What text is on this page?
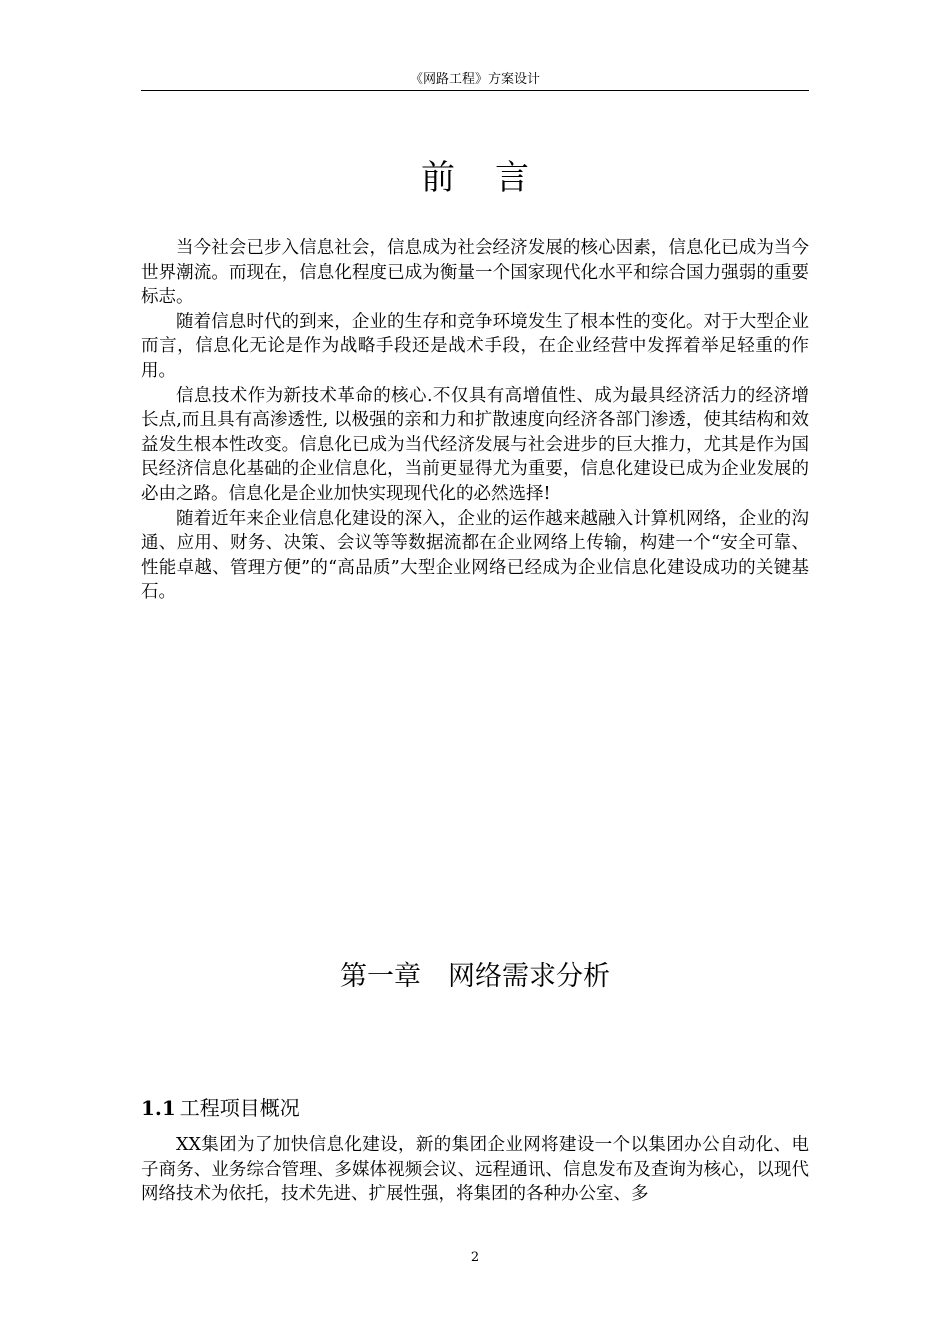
《网路工程》方案设计
前言

当今社会已步入信息社会，信息成为社会经济发展的核心因素，信息化已成为当今世界潮流。而现在，信息化程度已成为衡量一个国家现代化水平和综合国力强弱的重要标志。

随着信息时代的到来，企业的生存和竞争环境发生了根本性的变化。对于大型企业而言，信息化无论是作为战略手段还是战术手段，在企业经营中发挥着举足轻重的作用。

信息技术作为新技术革命的核心.不仅具有高增值性、成为最具经济活力的经济增长点,而且具有高渗透性, 以极强的亲和力和扩散速度向经济各部门渗透，使其结构和效益发生根本性改变。信息化已成为当代经济发展与社会进步的巨大推力，尤其是作为国民经济信息化基础的企业信息化，当前更显得尤为重要，信息化建设已成为企业发展的必由之路。信息化是企业加快实现现代化的必然选择!

随着近年来企业信息化建设的深入，企业的运作越来越融入计算机网络，企业的沟通、应用、财务、决策、会议等等数据流都在企业网络上传输，构建一个“安全可靠、性能卓越、管理方便”的“高品质”大型企业网络已经成为企业信息化建设成功的关键基石。

第一章　网络需求分析
1.1 工程项目概况

XX集团为了加快信息化建设，新的集团企业网将建设一个以集团办公自动化、电子商务、业务综合管理、多媒体视频会议、远程通讯、信息发布及查询为核心，以现代网络技术为依托，技术先进、扩展性强，将集团的各种办公室、多

2
